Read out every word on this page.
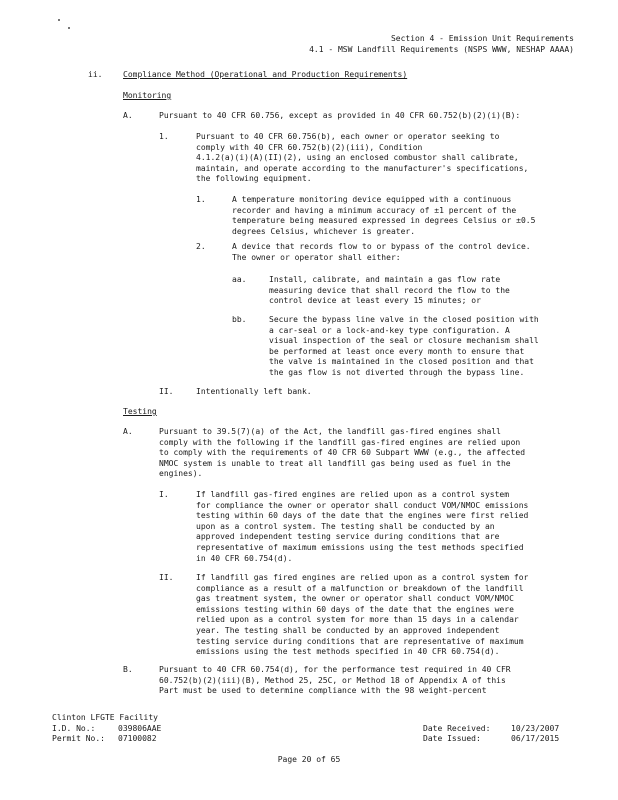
Section 4 - Emission Unit Requirements
4.1 - MSW Landfill Requirements (NSPS WWW, NESHAP AAAA)
ii.	Compliance Method (Operational and Production Requirements)
Monitoring
A.	Pursuant to 40 CFR 60.756, except as provided in 40 CFR 60.752(b)(2)(i)(B):
1.	Pursuant to 40 CFR 60.756(b), each owner or operator seeking to
comply with 40 CFR 60.752(b)(2)(iii), Condition
4.1.2(a)(i)(A)(II)(2), using an enclosed combustor shall calibrate,
maintain, and operate according to the manufacturer's specifications,
the following equipment.
1.	A temperature monitoring device equipped with a continuous
recorder and having a minimum accuracy of ±1 percent of the
temperature being measured expressed in degrees Celsius or ±0.5
degrees Celsius, whichever is greater.
2.	A device that records flow to or bypass of the control device.
The owner or operator shall either:
aa.	Install, calibrate, and maintain a gas flow rate
measuring device that shall record the flow to the
control device at least every 15 minutes; or
bb.	Secure the bypass line valve in the closed position with
a car-seal or a lock-and-key type configuration. A
visual inspection of the seal or closure mechanism shall
be performed at least once every month to ensure that
the valve is maintained in the closed position and that
the gas flow is not diverted through the bypass line.
II.	Intentionally left bank.
Testing
A.	Pursuant to 39.5(7)(a) of the Act, the landfill gas-fired engines shall
comply with the following if the landfill gas-fired engines are relied upon
to comply with the requirements of 40 CFR 60 Subpart WWW (e.g., the affected
NMOC system is unable to treat all landfill gas being used as fuel in the
engines).
I.	If landfill gas-fired engines are relied upon as a control system
for compliance the owner or operator shall conduct VOM/NMOC emissions
testing within 60 days of the date that the engines were first relied
upon as a control system. The testing shall be conducted by an
approved independent testing service during conditions that are
representative of maximum emissions using the test methods specified
in 40 CFR 60.754(d).
II.	If landfill gas fired engines are relied upon as a control system for
compliance as a result of a malfunction or breakdown of the landfill
gas treatment system, the owner or operator shall conduct VOM/NMOC
emissions testing within 60 days of the date that the engines were
relied upon as a control system for more than 15 days in a calendar
year. The testing shall be conducted by an approved independent
testing service during conditions that are representative of maximum
emissions using the test methods specified in 40 CFR 60.754(d).
B.	Pursuant to 40 CFR 60.754(d), for the performance test required in 40 CFR
60.752(b)(2)(iii)(B), Method 25, 25C, or Method 18 of Appendix A of this
Part must be used to determine compliance with the 98 weight-percent
Clinton LFGTE Facility
I.D. No.:	039806AAE
Permit No.: 07100082
Date Received:	10/23/2007
Date Issued:	06/17/2015
Page 20 of 65
